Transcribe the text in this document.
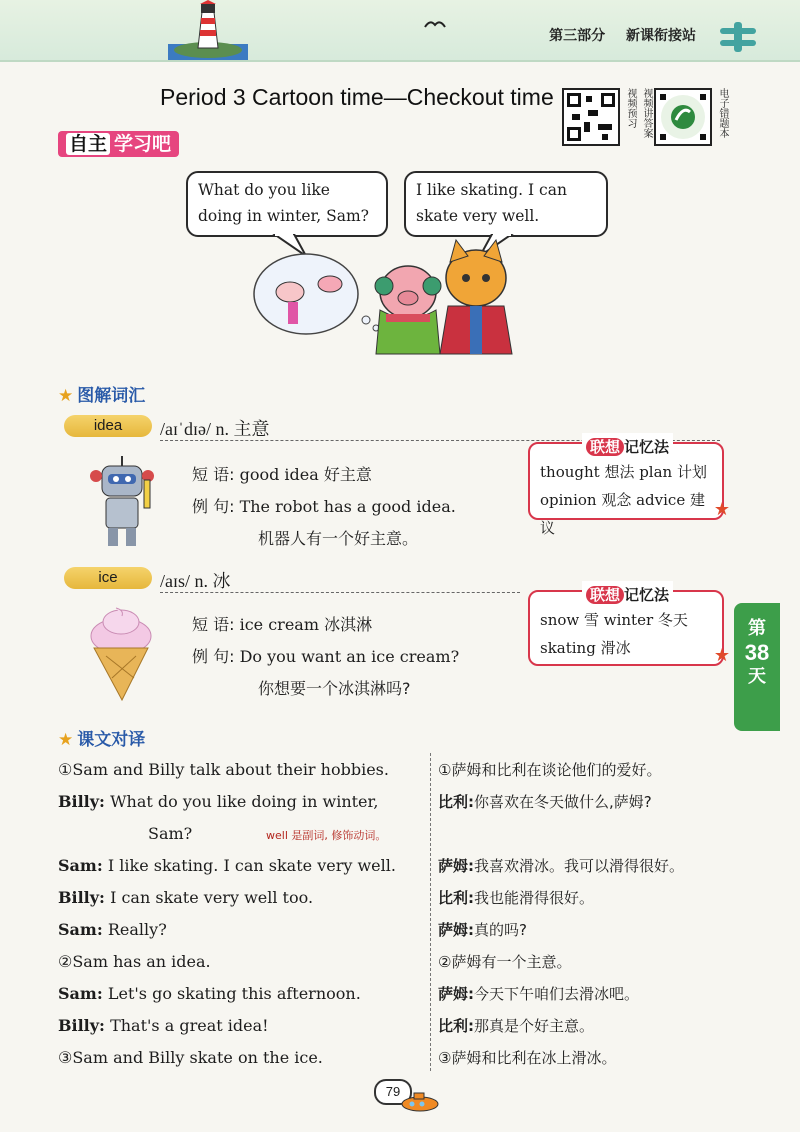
第三部分 新课衔接站
Period 3 Cartoon time—Checkout time	视频预习 视频讲答案	电子错题本
自主 学习吧
What do you like doing in winter, Sam?
I like skating. I can skate very well.
★ 图解词汇
idea	/aɪˈdɪə/ n. 主意
短 语: good idea 好主意
例 句: The robot has a good idea.
机器人有一个好主意。
联想 记忆法
thought 想法 plan 计划
opinion 观念 advice 建议
★
ice	/aɪs/ n. 冰
短 语: ice cream 冰淇淋
例 句: Do you want an ice cream?
你想要一个冰淇淋吗?
联想 记忆法
snow 雪 winter 冬天
skating 滑冰	★
第
38
天
★ 课文对译
①Sam and Billy talk about their hobbies.	①萨姆和比利在谈论他们的爱好。
Billy: What do you like doing in winter,	比利:你喜欢在冬天做什么,萨姆?
Sam?	well 是副词, 修饰动词。
Sam: I like skating. I can skate very well.	萨姆:我喜欢滑冰。我可以滑得很好。
Billy: I can skate very well too.	比利:我也能滑得很好。
Sam: Really?	萨姆:真的吗?
②Sam has an idea.	②萨姆有一个主意。
Sam: Let's go skating this afternoon.	萨姆:今天下午咱们去滑冰吧。
Billy: That's a great idea!	比利:那真是个好主意。
③Sam and Billy skate on the ice.	③萨姆和比利在冰上滑冰。
79
